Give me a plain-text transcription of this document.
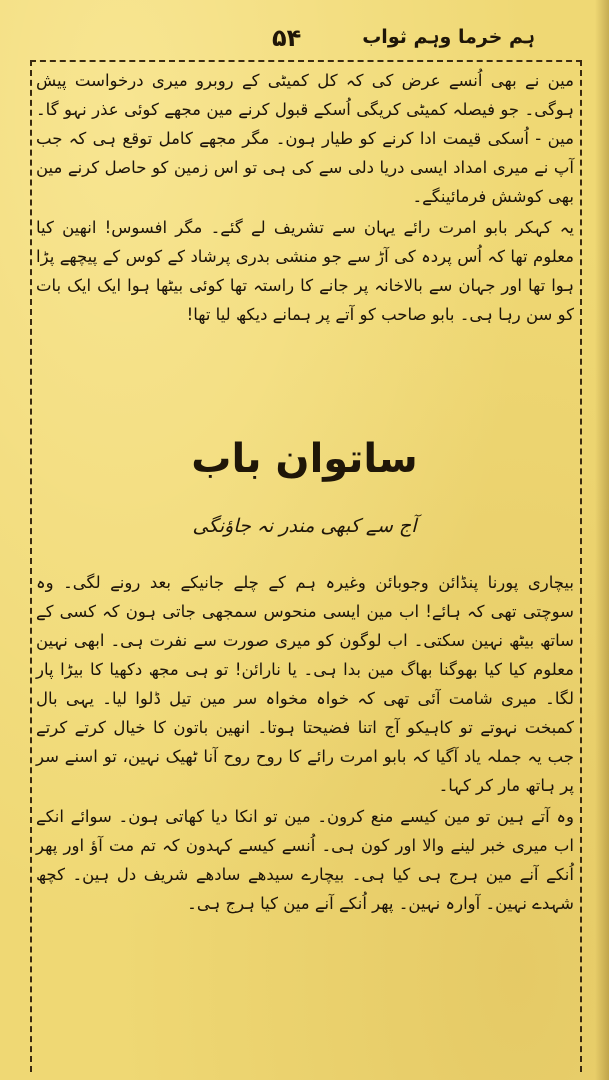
۵۴	ہم خرما وہم ثواب

مین نے بھی اُنسے عرض کی کہ کل کمیٹی کے روبرو میری درخواست پیش ہوگی۔ جو فیصلہ کمیٹی کریگی اُسکے قبول کرنے مین مجھے کوئی عذر نہو گا۔ مین - اُسکی قیمت ادا کرنے کو طیار ہون۔ مگر مجھے کامل توقع ہی کہ جب آپ نے میری امداد ایسی دریا دلی سے کی ہی تو اس زمین کو حاصل کرنے مین بھی کوشش فرمائینگے۔

یہ کہکر بابو امرت رائے یہان سے تشریف لے گئے۔ مگر افسوس! انھین کیا معلوم تھا کہ اُس پردہ کی آڑ سے جو منشی بدری پرشاد کے کوس کے پیچھے پڑا ہوا تھا اور جہان سے بالاخانہ پر جانے کا راستہ تھا کوئی بیٹھا ہوا ایک ایک بات کو سن رہا ہی۔ بابو صاحب کو آتے پر ہمانے دیکھ لیا تھا!

ساتوان باب
آج سے کبھی مندر نہ جاؤنگی

بیچاری پورنا پنڈائن وجوبائن وغیرہ ہم کے چلے جانیکے بعد رونے لگی۔ وہ سوچتی تھی کہ ہائے! اب مین ایسی منحوس سمجھی جاتی ہون کہ کسی کے ساتھ بیٹھ نہین سکتی۔ اب لوگون کو میری صورت سے نفرت ہی۔ ابھی نہین معلوم کیا کیا بھوگنا بھاگ مین بدا ہی۔ یا نارائن! تو ہی مجھ دکھیا کا بیڑا پار لگا۔ میری شامت آئی تھی کہ خواہ مخواہ سر مین تیل ڈلوا لیا۔ یہی بال کمبخت نہوتے تو کاہیکو آج اتنا فضیحتا ہوتا۔ انھین باتون کا خیال کرتے کرتے جب یہ جملہ یاد آگیا کہ بابو امرت رائے کا روح روح آنا ٹھیک نہین، تو اسنے سر پر ہاتھ مار کر کہا۔

وہ آتے ہین تو مین کیسے منع کرون۔ مین تو انکا دیا کھاتی ہون۔ سوائے انکے اب میری خبر لینے والا اور کون ہی۔ اُنسے کیسے کہدون کہ تم مت آؤ اور پھر اُنکے آنے مین ہرج ہی کیا ہی۔ بیچارے سیدھے سادھے شریف دل ہین۔ کچھ شہدے نہین۔ آوارہ نہین۔ پھر اُنکے آنے مین کیا ہرج ہی۔
